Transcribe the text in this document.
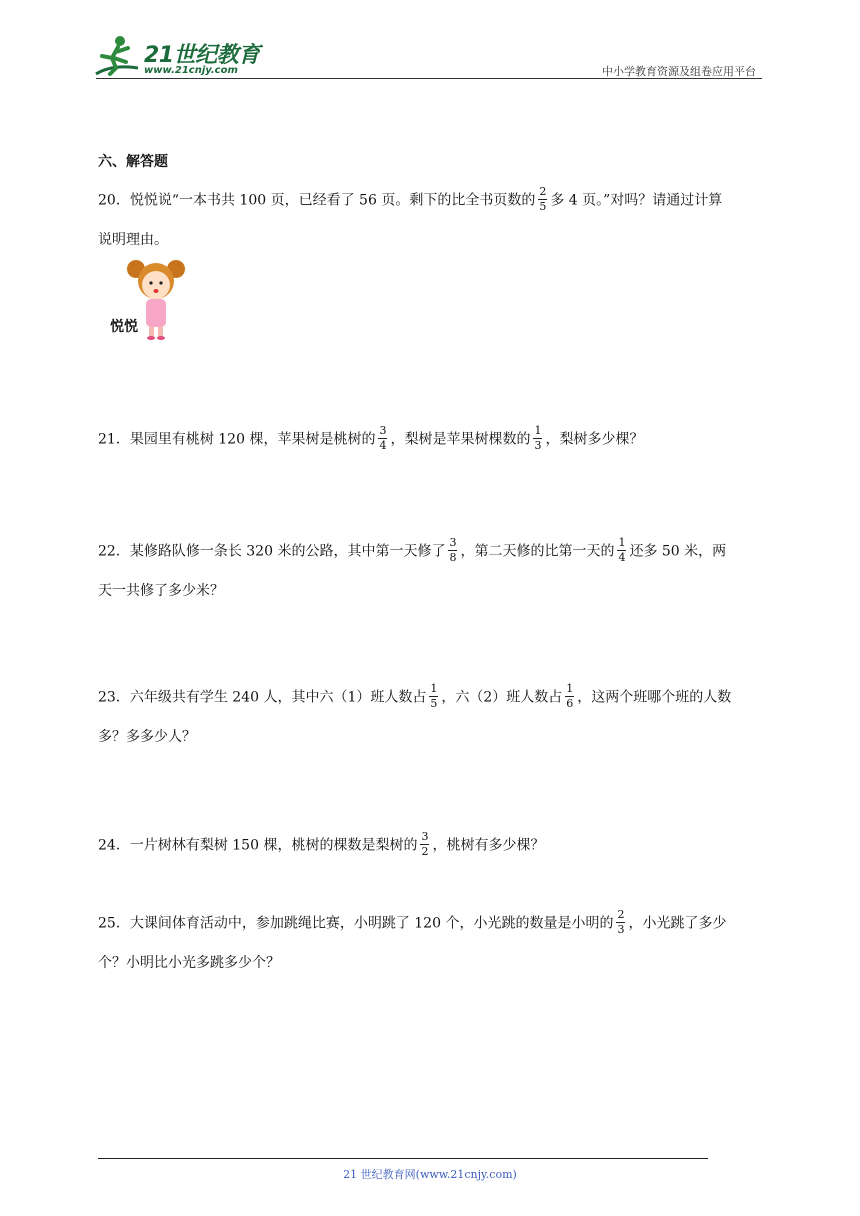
21世纪教育
www.21cnjy.com	中小学教育资源及组卷应用平台
六、解答题
20．悦悦说“一本书共 100 页，已经看了 56 页。剩下的比全书页数的 $\frac{2}{5}$ 多 4 页。”对吗？请通过计算
说明理由。
悦悦
21．果园里有桃树 120 棵，苹果树是桃树的 $\frac{3}{4}$ ，梨树是苹果树棵数的 $\frac{1}{3}$ ，梨树多少棵？
22．某修路队修一条长 320 米的公路，其中第一天修了 $\frac{3}{8}$ ，第二天修的比第一天的 $\frac{1}{4}$ 还多 50 米，两
天一共修了多少米？
23．六年级共有学生 240 人，其中六（1）班人数占 $\frac{1}{5}$ ，六（2）班人数占 $\frac{1}{6}$ ，这两个班哪个班的人数
多？多多少人？
24．一片树林有梨树 150 棵，桃树的棵数是梨树的 $\frac{3}{2}$ ，桃树有多少棵？
25．大课间体育活动中，参加跳绳比赛，小明跳了 120 个，小光跳的数量是小明的 $\frac{2}{3}$ ，小光跳了多少
个？小明比小光多跳多少个？
21 世纪教育网(www.21cnjy.com)
